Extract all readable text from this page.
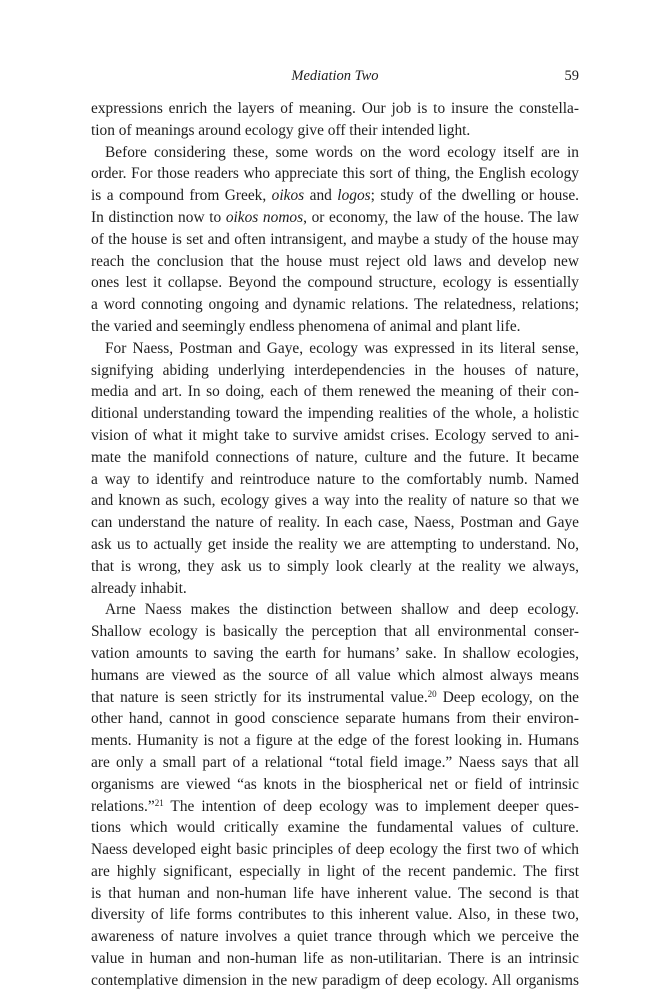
Mediation Two	59
expressions enrich the layers of meaning. Our job is to insure the constella-
tion of meanings around ecology give off their intended light.
Before considering these, some words on the word ecology itself are in
order. For those readers who appreciate this sort of thing, the English ecology
is a compound from Greek, oikos and logos; study of the dwelling or house.
In distinction now to oikos nomos, or economy, the law of the house. The law
of the house is set and often intransigent, and maybe a study of the house may
reach the conclusion that the house must reject old laws and develop new
ones lest it collapse. Beyond the compound structure, ecology is essentially
a word connoting ongoing and dynamic relations. The relatedness, relations;
the varied and seemingly endless phenomena of animal and plant life.
For Naess, Postman and Gaye, ecology was expressed in its literal sense,
signifying abiding underlying interdependencies in the houses of nature,
media and art. In so doing, each of them renewed the meaning of their con-
ditional understanding toward the impending realities of the whole, a holistic
vision of what it might take to survive amidst crises. Ecology served to ani-
mate the manifold connections of nature, culture and the future. It became
a way to identify and reintroduce nature to the comfortably numb. Named
and known as such, ecology gives a way into the reality of nature so that we
can understand the nature of reality. In each case, Naess, Postman and Gaye
ask us to actually get inside the reality we are attempting to understand. No,
that is wrong, they ask us to simply look clearly at the reality we always,
already inhabit.
Arne Naess makes the distinction between shallow and deep ecology.
Shallow ecology is basically the perception that all environmental conser-
vation amounts to saving the earth for humans’ sake. In shallow ecologies,
humans are viewed as the source of all value which almost always means
that nature is seen strictly for its instrumental value.$^{20}$ Deep ecology, on the
other hand, cannot in good conscience separate humans from their environ-
ments. Humanity is not a figure at the edge of the forest looking in. Humans
are only a small part of a relational “total field image.” Naess says that all
organisms are viewed “as knots in the biospherical net or field of intrinsic
relations.”$^{21}$ The intention of deep ecology was to implement deeper ques-
tions which would critically examine the fundamental values of culture.
Naess developed eight basic principles of deep ecology the first two of which
are highly significant, especially in light of the recent pandemic. The first
is that human and non-human life have inherent value. The second is that
diversity of life forms contributes to this inherent value. Also, in these two,
awareness of nature involves a quiet trance through which we perceive the
value in human and non-human life as non-utilitarian. There is an intrinsic
contemplative dimension in the new paradigm of deep ecology. All organisms
